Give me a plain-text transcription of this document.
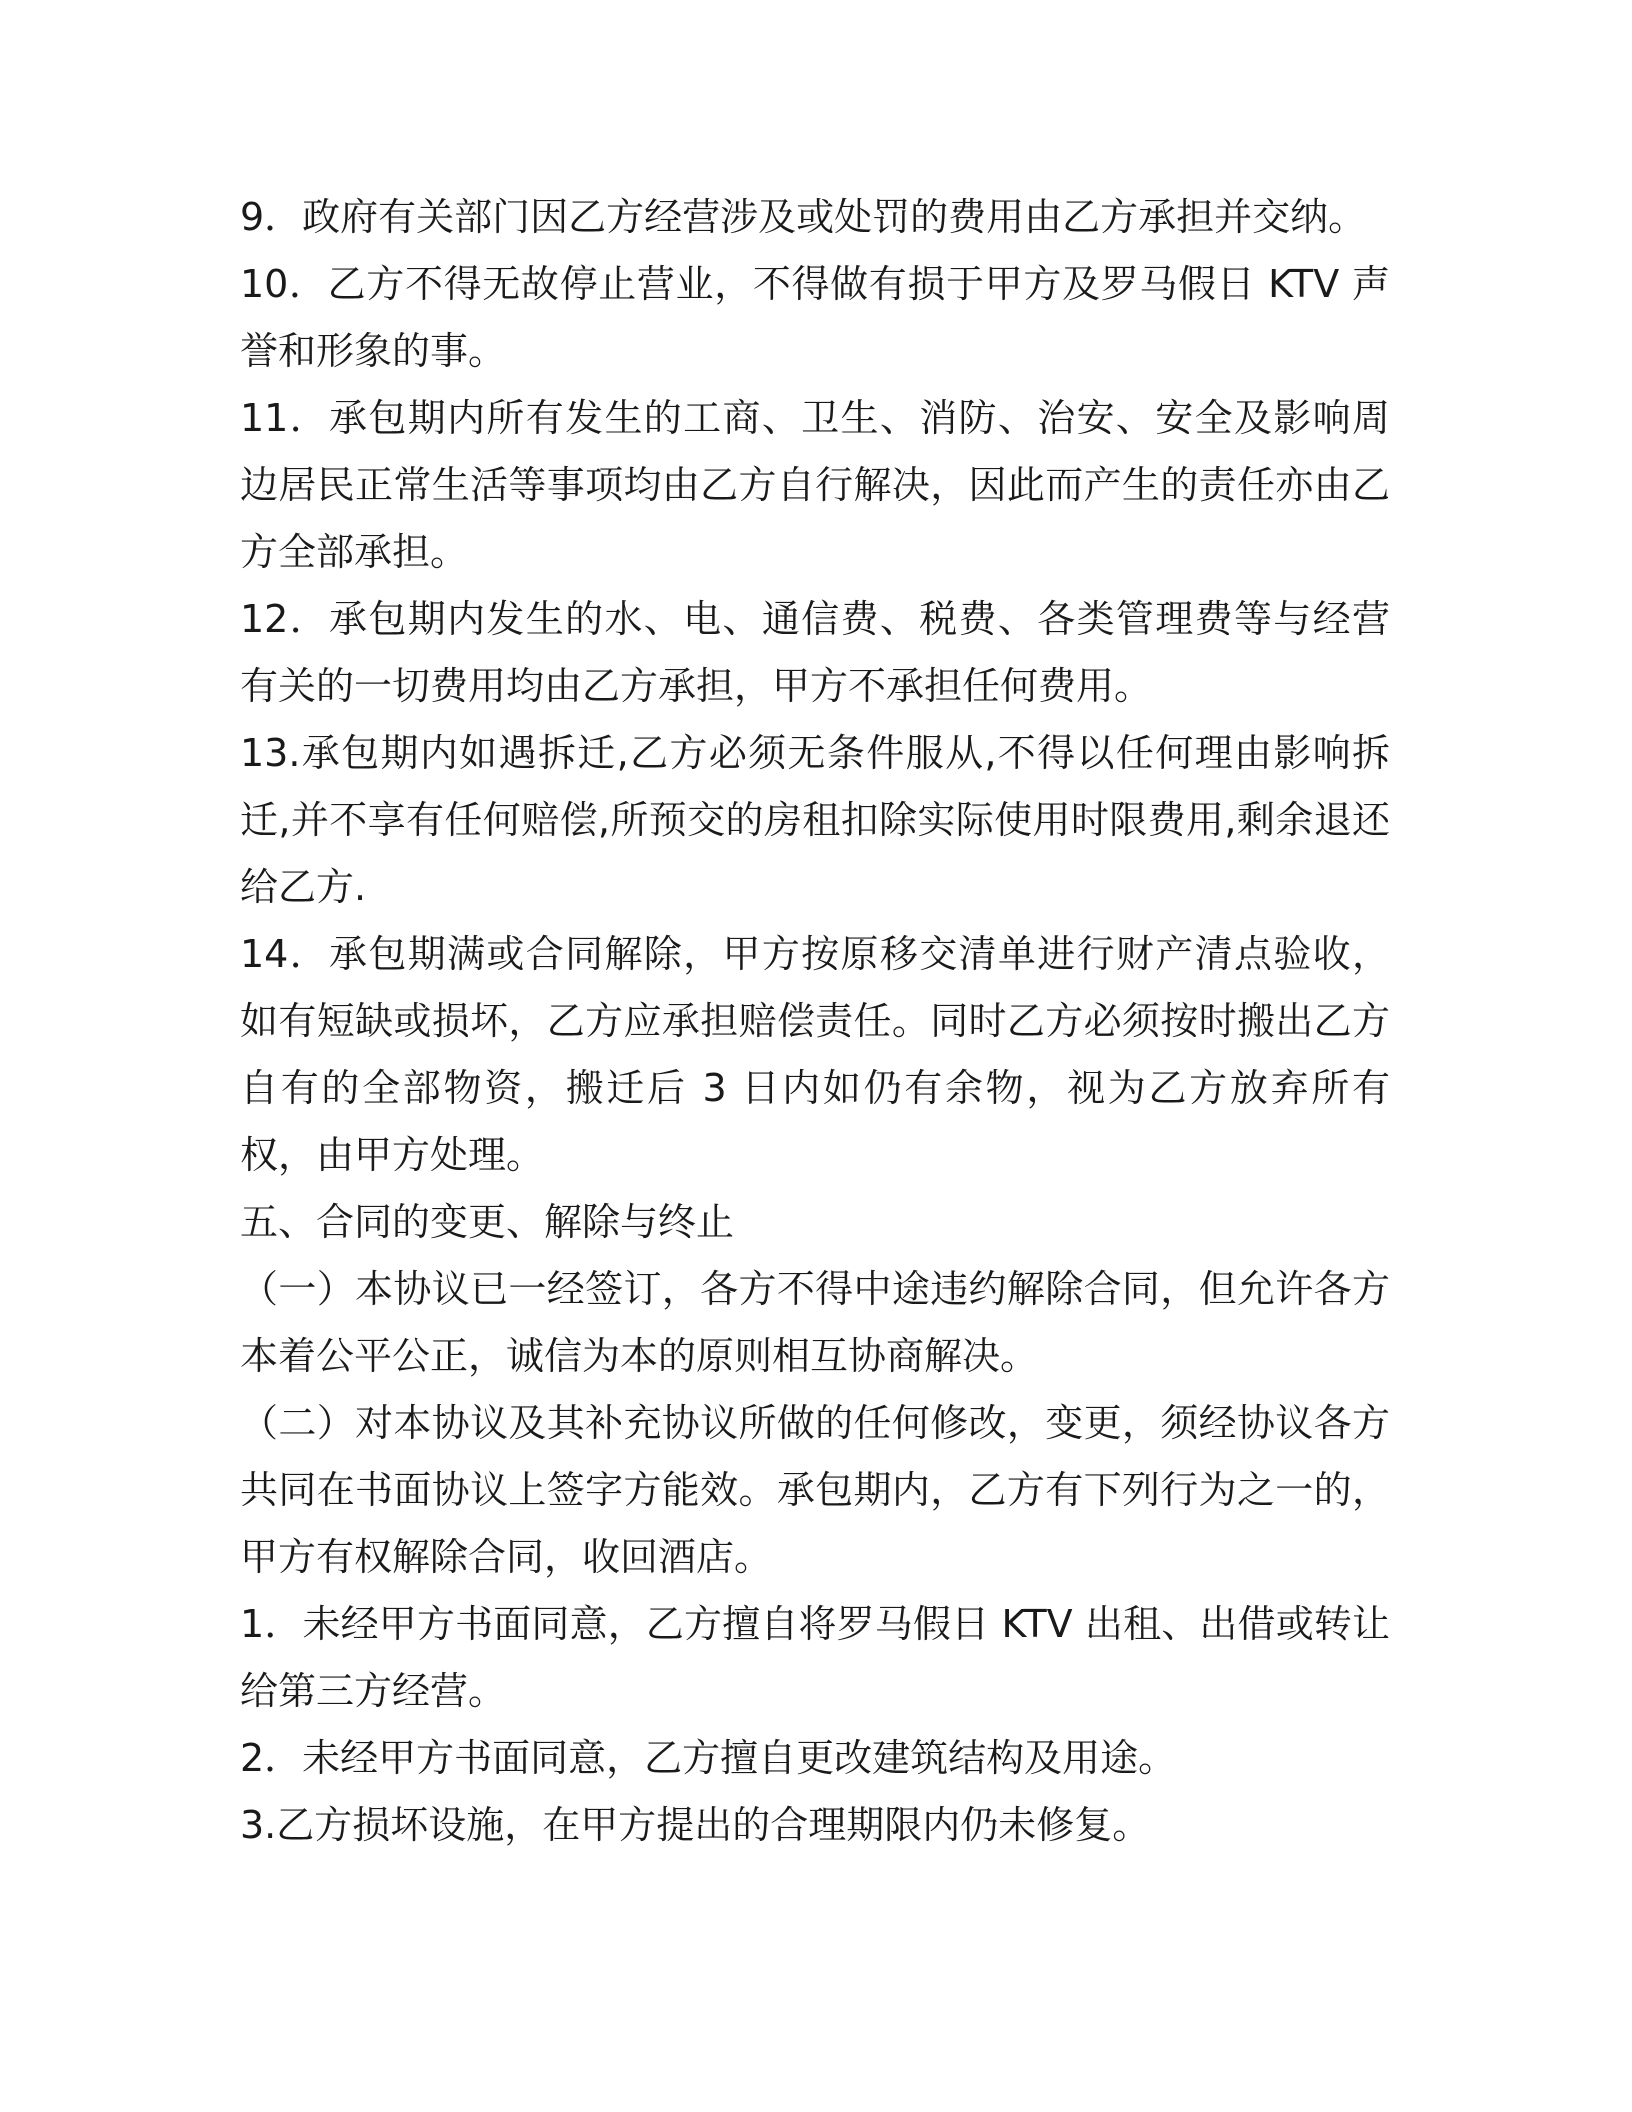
9．政府有关部门因乙方经营涉及或处罚的费用由乙方承担并交纳。

10．乙方不得无故停止营业，不得做有损于甲方及罗马假日 KTV 声誉和形象的事。

11．承包期内所有发生的工商、卫生、消防、治安、安全及影响周边居民正常生活等事项均由乙方自行解决，因此而产生的责任亦由乙方全部承担。

12．承包期内发生的水、电、通信费、税费、各类管理费等与经营有关的一切费用均由乙方承担，甲方不承担任何费用。

13.承包期内如遇拆迁,乙方必须无条件服从,不得以任何理由影响拆迁,并不享有任何赔偿,所预交的房租扣除实际使用时限费用,剩余退还给乙方.

14．承包期满或合同解除，甲方按原移交清单进行财产清点验收，如有短缺或损坏，乙方应承担赔偿责任。同时乙方必须按时搬出乙方自有的全部物资，搬迁后 3 日内如仍有余物，视为乙方放弃所有权，由甲方处理。

五、合同的变更、解除与终止

（一）本协议已一经签订，各方不得中途违约解除合同，但允许各方本着公平公正，诚信为本的原则相互协商解决。

（二）对本协议及其补充协议所做的任何修改，变更，须经协议各方共同在书面协议上签字方能效。承包期内，乙方有下列行为之一的，甲方有权解除合同，收回酒店。

1．未经甲方书面同意，乙方擅自将罗马假日 KTV 出租、出借或转让给第三方经营。

2．未经甲方书面同意，乙方擅自更改建筑结构及用途。

3.乙方损坏设施，在甲方提出的合理期限内仍未修复。
